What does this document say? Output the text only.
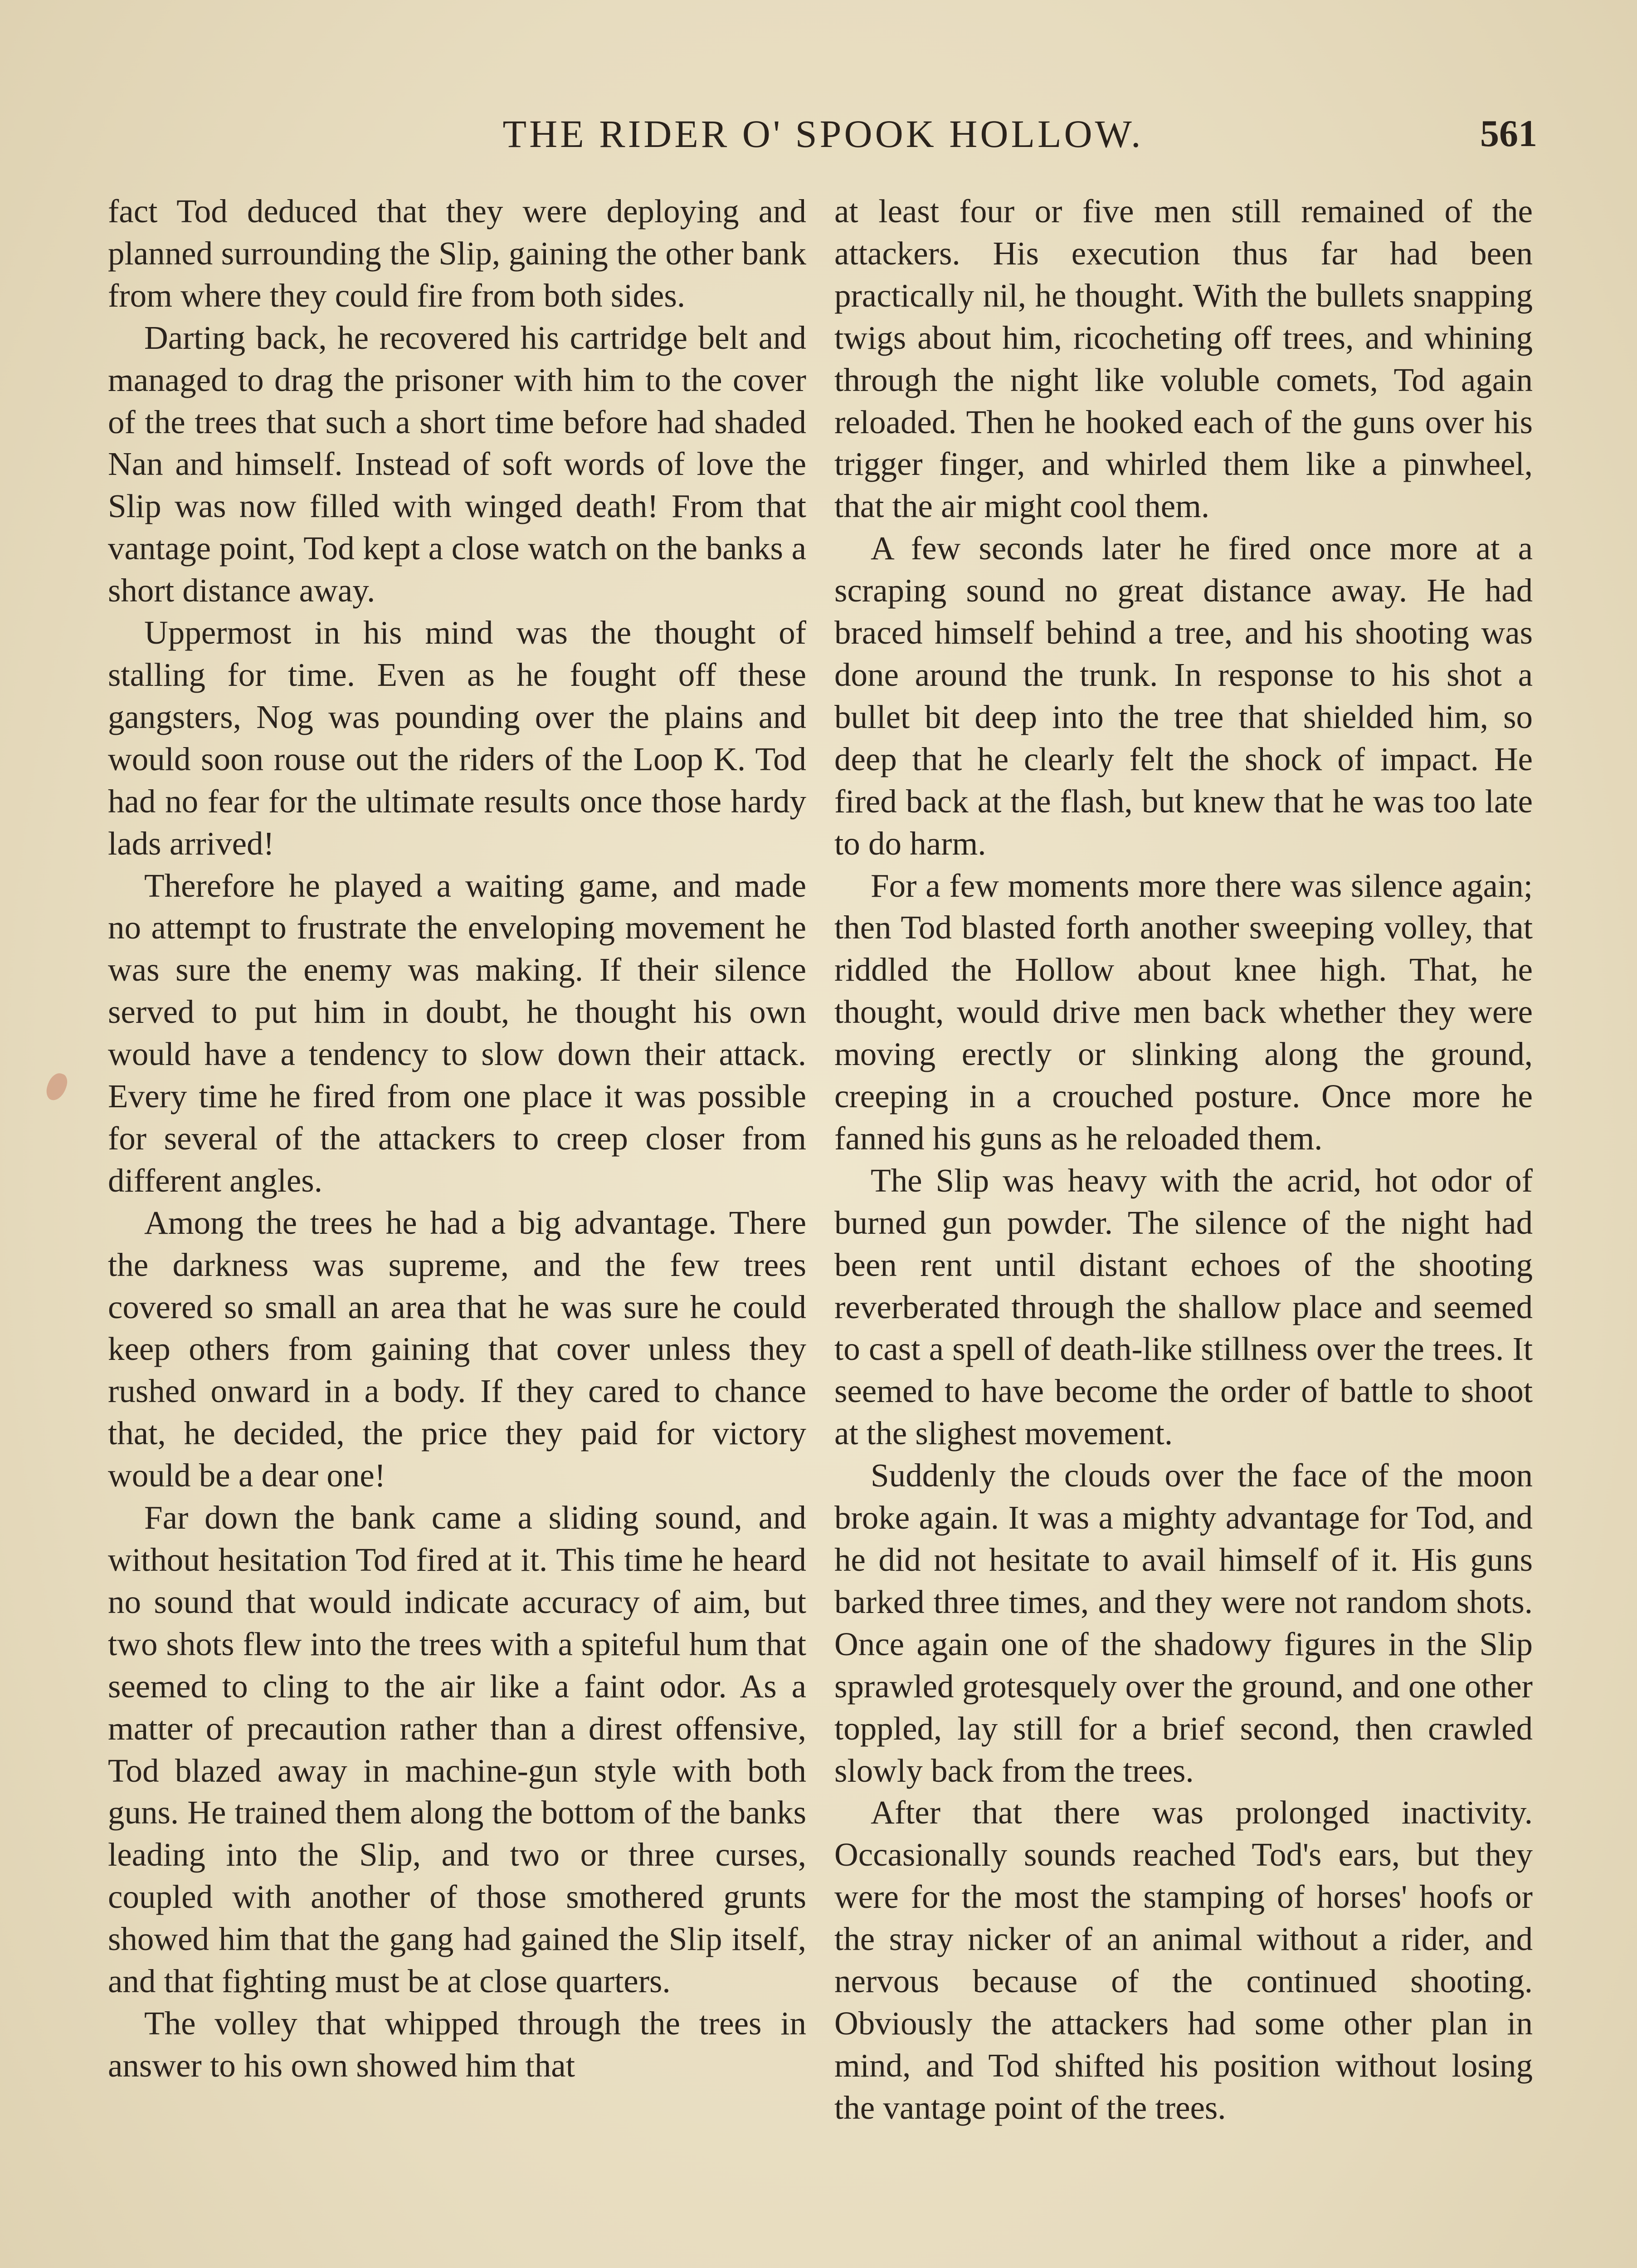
THE RIDER O' SPOOK HOLLOW.	561

fact Tod deduced that they were deploying and planned surrounding the Slip, gaining the other bank from where they could fire from both sides.

Darting back, he recovered his cartridge belt and managed to drag the prisoner with him to the cover of the trees that such a short time before had shaded Nan and himself. Instead of soft words of love the Slip was now filled with winged death! From that vantage point, Tod kept a close watch on the banks a short distance away.

Uppermost in his mind was the thought of stalling for time. Even as he fought off these gangsters, Nog was pounding over the plains and would soon rouse out the riders of the Loop K. Tod had no fear for the ultimate results once those hardy lads arrived!

Therefore he played a waiting game, and made no attempt to frustrate the enveloping movement he was sure the enemy was making. If their silence served to put him in doubt, he thought his own would have a tendency to slow down their attack. Every time he fired from one place it was possible for several of the attackers to creep closer from different angles.

Among the trees he had a big advantage. There the darkness was supreme, and the few trees covered so small an area that he was sure he could keep others from gaining that cover unless they rushed onward in a body. If they cared to chance that, he decided, the price they paid for victory would be a dear one!

Far down the bank came a sliding sound, and without hesitation Tod fired at it. This time he heard no sound that would indicate accuracy of aim, but two shots flew into the trees with a spiteful hum that seemed to cling to the air like a faint odor. As a matter of precaution rather than a direst offensive, Tod blazed away in machine-gun style with both guns. He trained them along the bottom of the banks leading into the Slip, and two or three curses, coupled with another of those smothered grunts showed him that the gang had gained the Slip itself, and that fighting must be at close quarters.

The volley that whipped through the trees in answer to his own showed him that

at least four or five men still remained of the attackers. His execution thus far had been practically nil, he thought. With the bullets snapping twigs about him, ricocheting off trees, and whining through the night like voluble comets, Tod again reloaded. Then he hooked each of the guns over his trigger finger, and whirled them like a pinwheel, that the air might cool them.

A few seconds later he fired once more at a scraping sound no great distance away. He had braced himself behind a tree, and his shooting was done around the trunk. In response to his shot a bullet bit deep into the tree that shielded him, so deep that he clearly felt the shock of impact. He fired back at the flash, but knew that he was too late to do harm.

For a few moments more there was silence again; then Tod blasted forth another sweeping volley, that riddled the Hollow about knee high. That, he thought, would drive men back whether they were moving erectly or slinking along the ground, creeping in a crouched posture. Once more he fanned his guns as he reloaded them.

The Slip was heavy with the acrid, hot odor of burned gun powder. The silence of the night had been rent until distant echoes of the shooting reverberated through the shallow place and seemed to cast a spell of death-like stillness over the trees. It seemed to have become the order of battle to shoot at the slighest movement.

Suddenly the clouds over the face of the moon broke again. It was a mighty advantage for Tod, and he did not hesitate to avail himself of it. His guns barked three times, and they were not random shots. Once again one of the shadowy figures in the Slip sprawled grotesquely over the ground, and one other toppled, lay still for a brief second, then crawled slowly back from the trees.

After that there was prolonged inactivity. Occasionally sounds reached Tod's ears, but they were for the most the stamping of horses' hoofs or the stray nicker of an animal without a rider, and nervous because of the continued shooting. Obviously the attackers had some other plan in mind, and Tod shifted his position without losing the vantage point of the trees.
